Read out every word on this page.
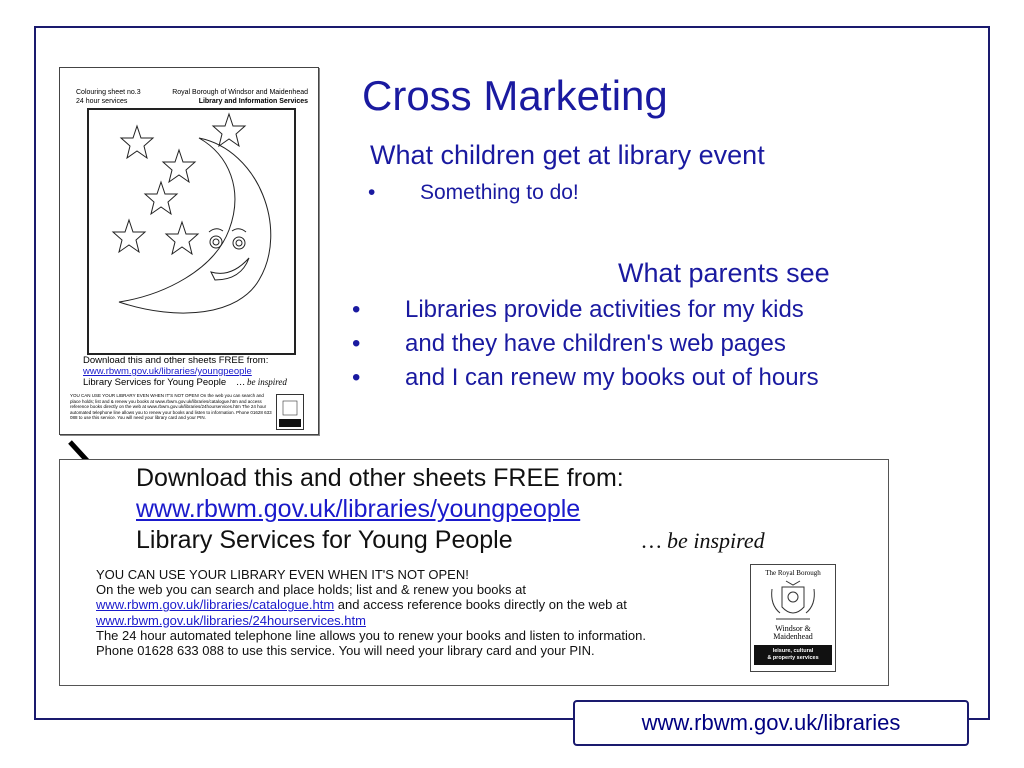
Cross Marketing
What children get at library event
• Something to do!
What parents see
• Libraries provide activities for my kids
• and they have children's web pages
• and I can renew my books out of hours
Colouring sheet no.3
24 hour services
Royal Borough of Windsor and Maidenhead
Library and Information Services
Download this and other sheets FREE from:
www.rbwm.gov.uk/libraries/youngpeople
Library Services for Young People … be inspired
YOU CAN USE YOUR LIBRARY EVEN WHEN IT'S NOT OPEN! On the web you can search and place holds; list and & renew you books at www.rbwm.gov.uk/libraries/catalogue.htm and access reference books directly on the web at www.rbwm.gov.uk/libraries/24hourservices.htm The 24 hour automated telephone line allows you to renew your books and listen to information. Phone 01628 633 088 to use this service. You will need your library card and your PIN.
Download this and other sheets FREE from:
www.rbwm.gov.uk/libraries/youngpeople
Library Services for Young People	… be inspired
YOU CAN USE YOUR LIBRARY EVEN WHEN IT'S NOT OPEN!
On the web you can search and place holds; list and & renew you books at
www.rbwm.gov.uk/libraries/catalogue.htm and access reference books directly on the web at
www.rbwm.gov.uk/libraries/24hourservices.htm
The 24 hour automated telephone line allows you to renew your books and listen to information.
Phone 01628 633 088 to use this service. You will need your library card and your PIN.
The Royal Borough
Windsor &
Maidenhead
leisure, cultural
& property services
www.rbwm.gov.uk/libraries
